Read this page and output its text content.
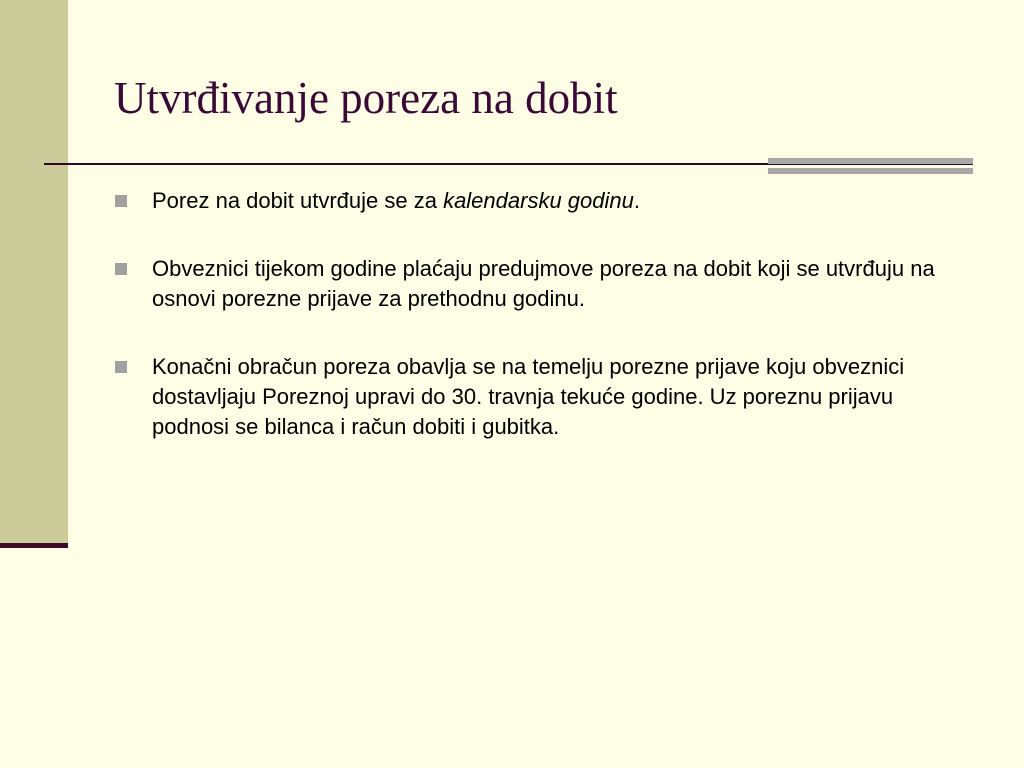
Utvrđivanje poreza na dobit
Porez na dobit utvrđuje se za kalendarsku godinu.
Obveznici tijekom godine plaćaju predujmove poreza na dobit koji se utvrđuju na osnovi porezne prijave za prethodnu godinu.
Konačni obračun poreza obavlja se na temelju porezne prijave koju obveznici dostavljaju Poreznoj upravi do 30. travnja tekuće godine. Uz poreznu prijavu podnosi se bilanca i račun dobiti i gubitka.
